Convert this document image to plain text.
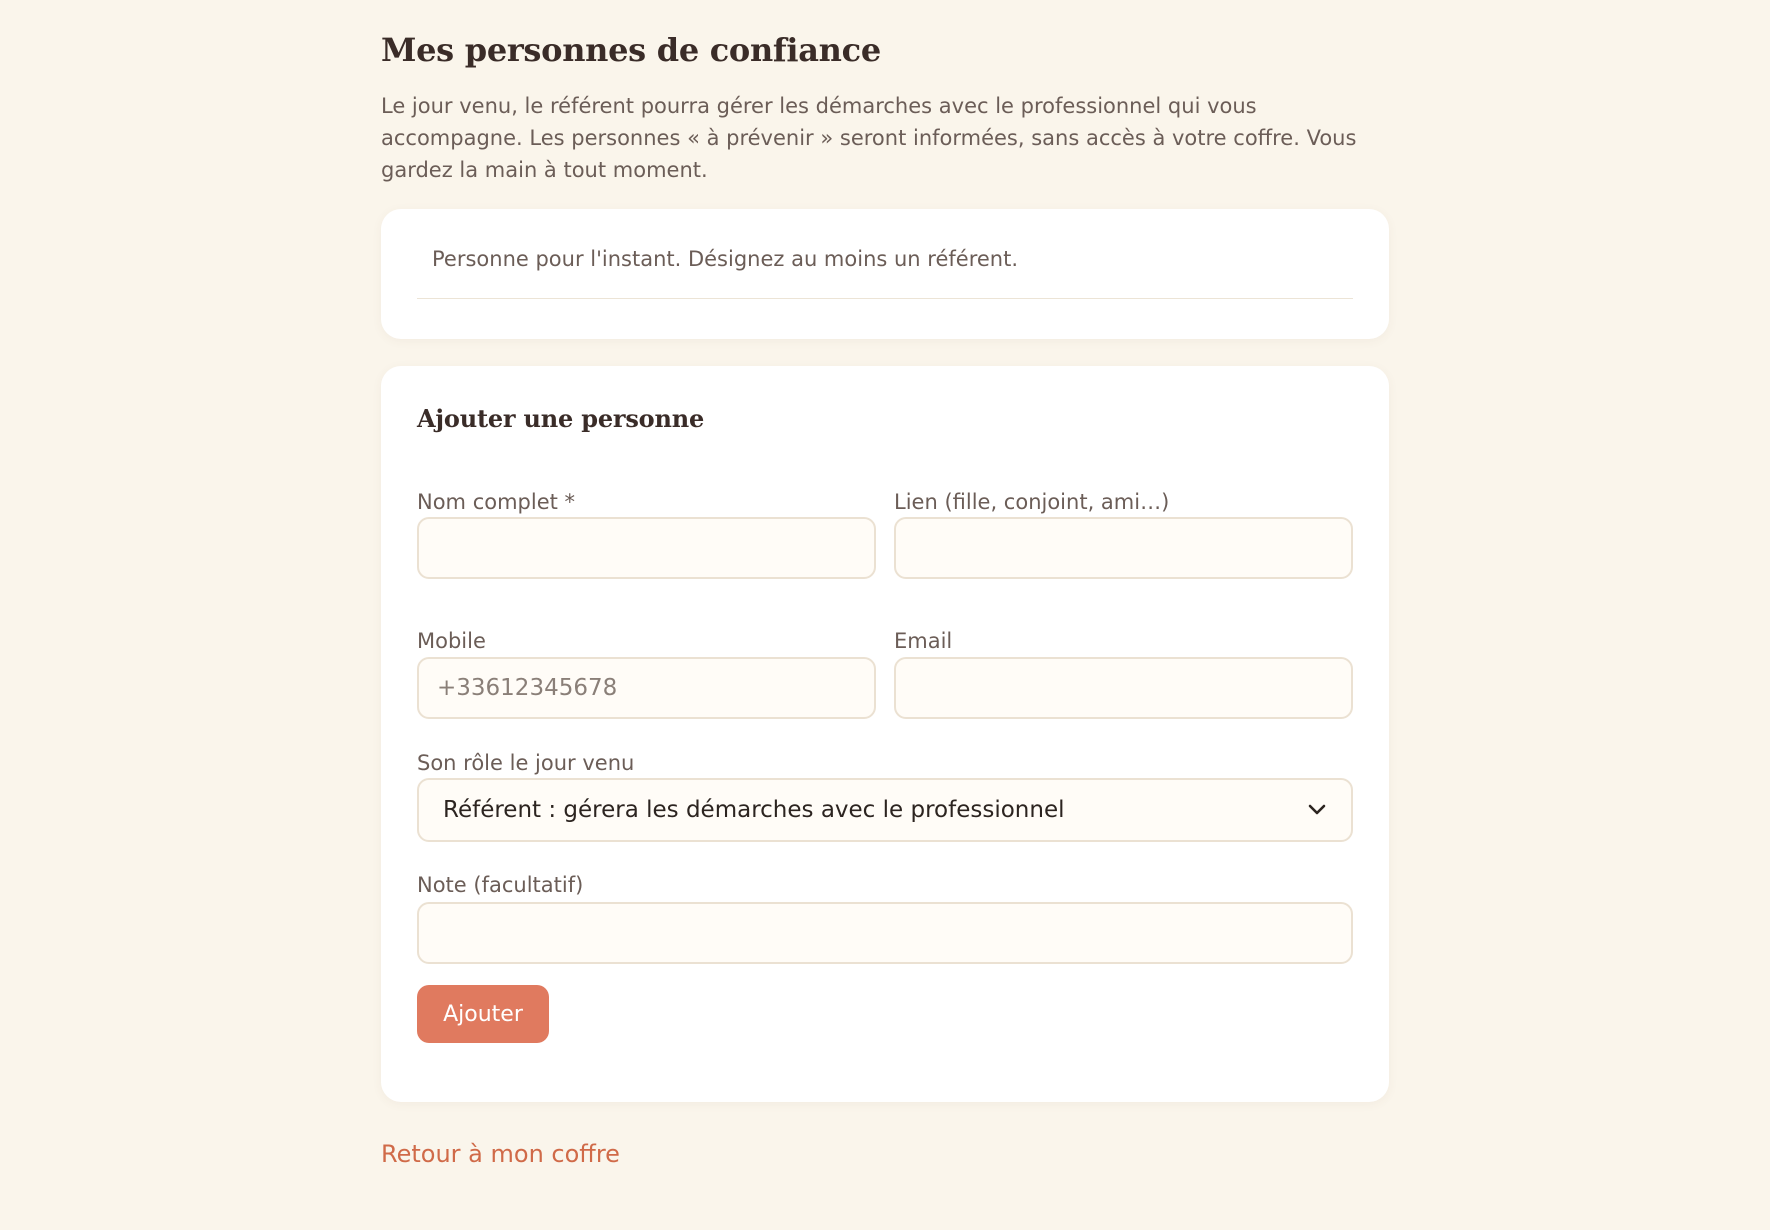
Mes personnes de confiance

Le jour venu, le référent pourra gérer les démarches avec le professionnel qui vous accompagne. Les personnes « à prévenir » seront informées, sans accès à votre coffre. Vous gardez la main à tout moment.

Personne pour l'instant. Désignez au moins un référent.
Ajouter une personne
Nom complet *	Lien (fille, conjoint, ami…)
Mobile
+33612345678	Email
Son rôle le jour venu
Référent : gérera les démarches avec le professionnel
Note (facultatif)
Ajouter
Retour à mon coffre
